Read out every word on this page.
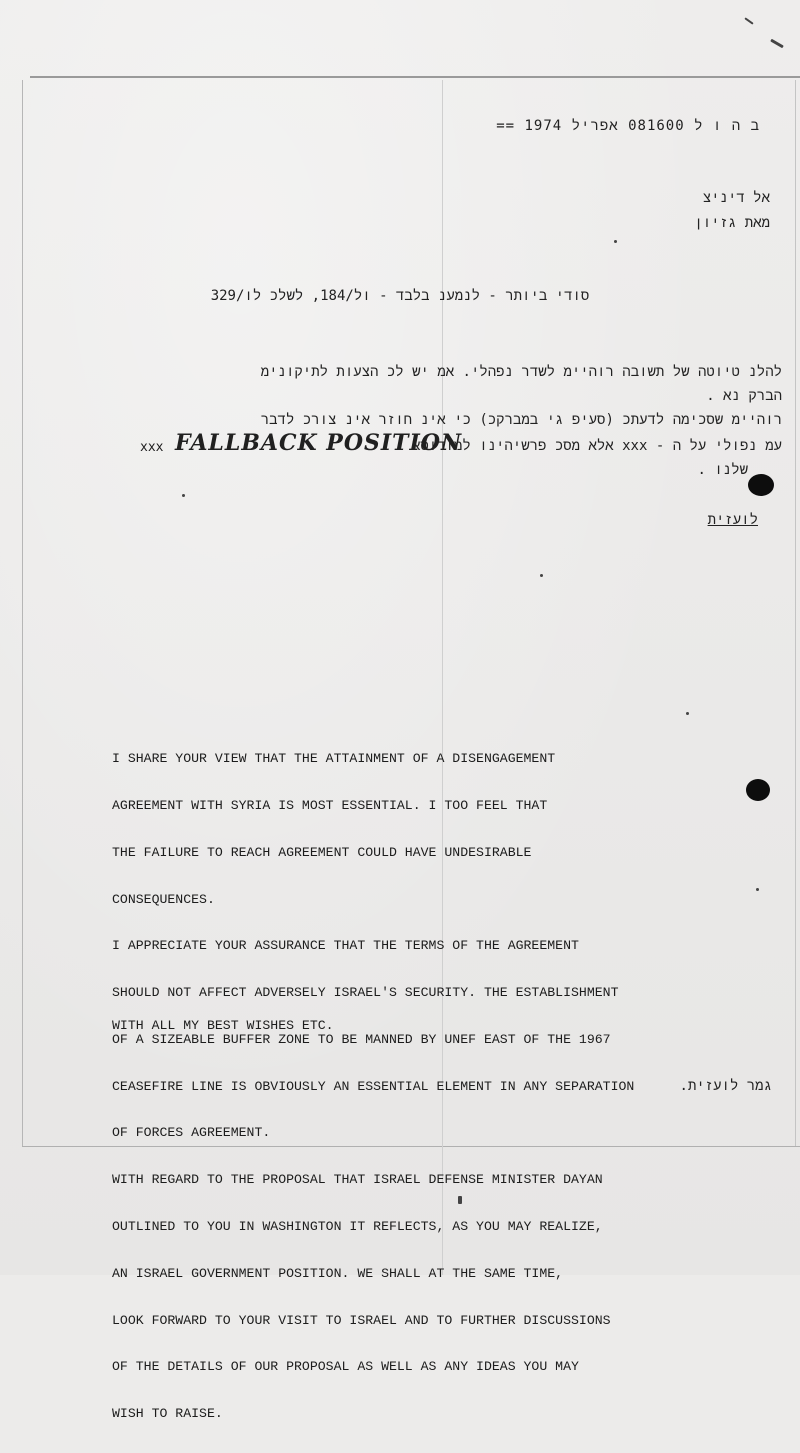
ב ה ו ל 081600 אפריל 1974 ==
אל דיניצ
מאת גזיון
סודי ביותר - לנמענ בלבד - ול/184, לשלכ לו/329
להלנ טיוטה של תשובה רוהיימ לשדר נפהלי. אמ יש לכ הצעות לתיקונימ
הברק נא .
רוהיימ שסכימה לדעתכ (סעיפ גי במברקכ) כי אינ חוזר אינ צורכ לדבר
עמ נפולי על ה - xxx אלא מסכ פרשיהינו למודוסא
FALLBACK POSITION
xxx
שלנו .
לועזית

I SHARE YOUR VIEW THAT THE ATTAINMENT OF A DISENGAGEMENT

AGREEMENT WITH SYRIA IS MOST ESSENTIAL. I TOO FEEL THAT

THE FAILURE TO REACH AGREEMENT COULD HAVE UNDESIRABLE

CONSEQUENCES.

I APPRECIATE YOUR ASSURANCE THAT THE TERMS OF THE AGREEMENT

SHOULD NOT AFFECT ADVERSELY ISRAEL'S SECURITY. THE ESTABLISHMENT

OF A SIZEABLE BUFFER ZONE TO BE MANNED BY UNEF EAST OF THE 1967

CEASEFIRE LINE IS OBVIOUSLY AN ESSENTIAL ELEMENT IN ANY SEPARATION

OF FORCES AGREEMENT.

WITH REGARD TO THE PROPOSAL THAT ISRAEL DEFENSE MINISTER DAYAN

OUTLINED TO YOU IN WASHINGTON IT REFLECTS, AS YOU MAY REALIZE,

AN ISRAEL GOVERNMENT POSITION. WE SHALL AT THE SAME TIME,

LOOK FORWARD TO YOUR VISIT TO ISRAEL AND TO FURTHER DISCUSSIONS

OF THE DETAILS OF OUR PROPOSAL AS WELL AS ANY IDEAS YOU MAY

WISH TO RAISE.

WITH ALL MY BEST WISHES ETC.
גמר לועזית.
